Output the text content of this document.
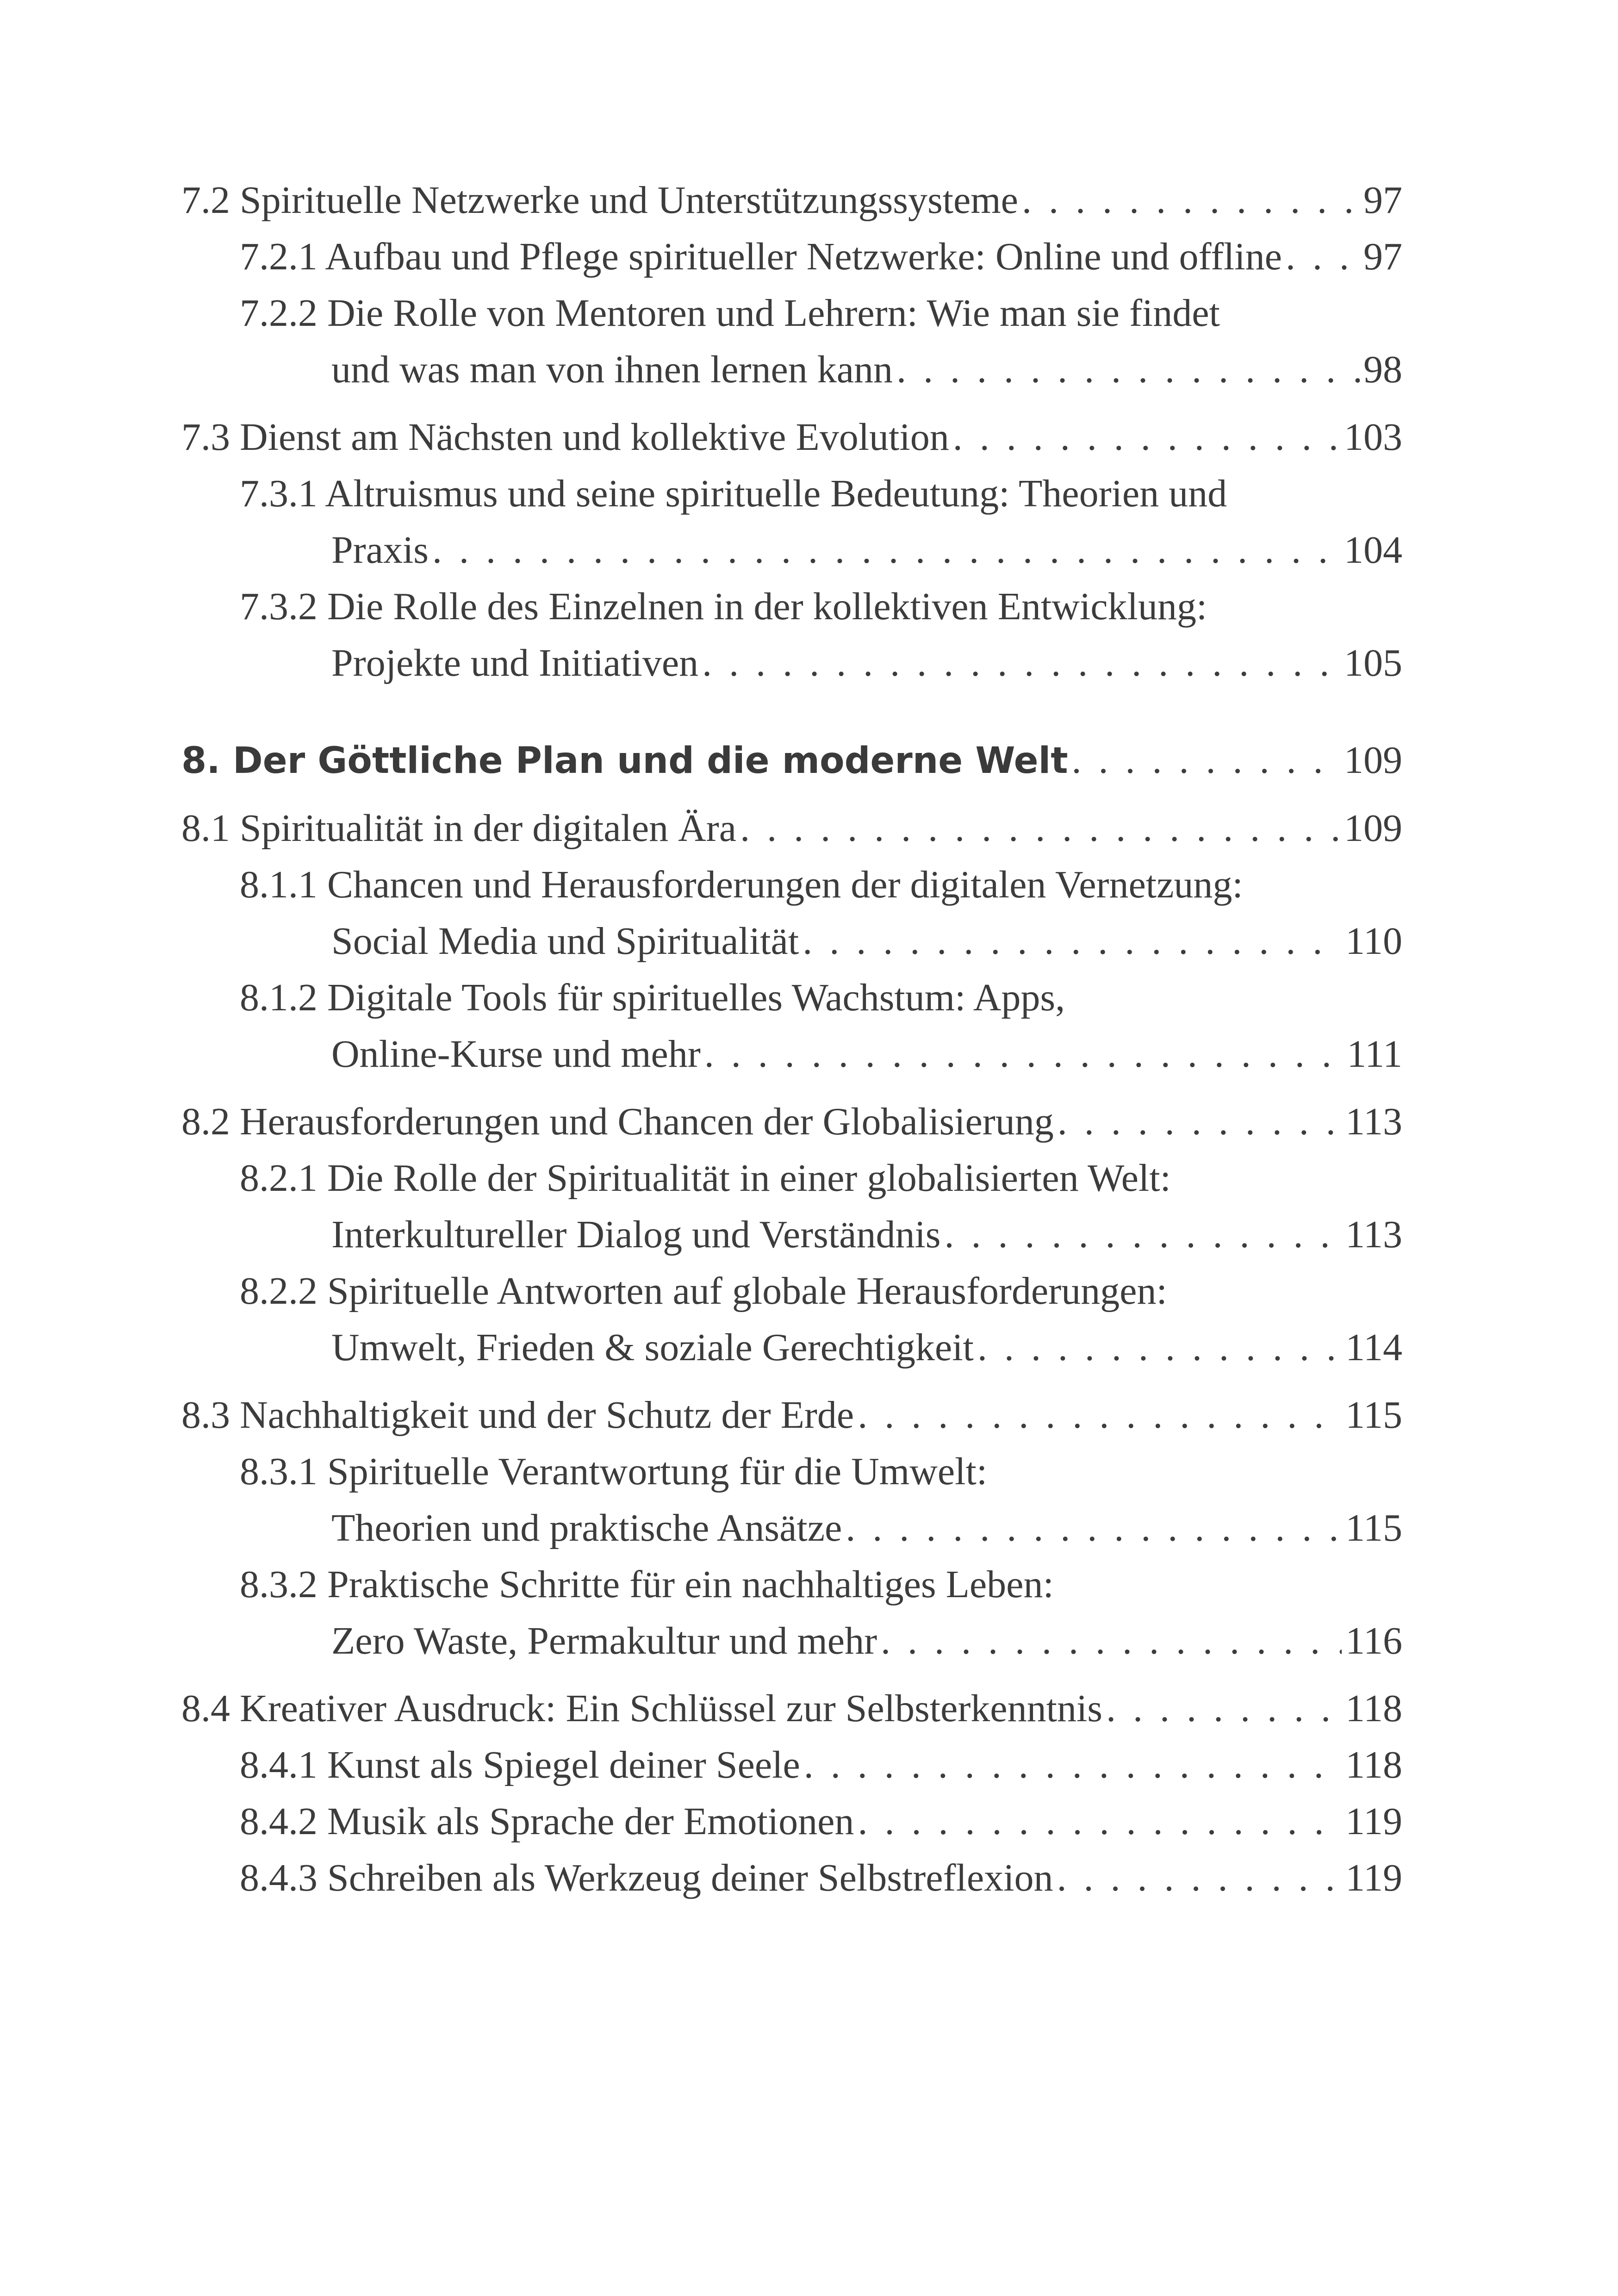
7.2 Spirituelle Netzwerke und Unterstützungssysteme . . .	97
7.2.1 Aufbau und Pflege spiritueller Netzwerke: Online und offline . . . 97
7.2.2 Die Rolle von Mentoren und Lehrern: Wie man sie findet
und was man von ihnen lernen kann . . .	98
7.3 Dienst am Nächsten und kollektive Evolution . . .	103
7.3.1 Altruismus und seine spirituelle Bedeutung: Theorien und
Praxis . . .	104
7.3.2 Die Rolle des Einzelnen in der kollektiven Entwicklung:
Projekte und Initiativen . . .	105
8. Der Göttliche Plan und die moderne Welt . . .	109
8.1 Spiritualität in der digitalen Ära . . .	109
8.1.1 Chancen und Herausforderungen der digitalen Vernetzung:
Social Media und Spiritualität . . .	110
8.1.2 Digitale Tools für spirituelles Wachstum: Apps,
Online-Kurse und mehr . . .	111
8.2 Herausforderungen und Chancen der Globalisierung . . .	113
8.2.1 Die Rolle der Spiritualität in einer globalisierten Welt:
Interkultureller Dialog und Verständnis . . .	113
8.2.2 Spirituelle Antworten auf globale Herausforderungen:
Umwelt, Frieden & soziale Gerechtigkeit . . .	114
8.3 Nachhaltigkeit und der Schutz der Erde . . .	115
8.3.1 Spirituelle Verantwortung für die Umwelt:
Theorien und praktische Ansätze . . .	115
8.3.2 Praktische Schritte für ein nachhaltiges Leben:
Zero Waste, Permakultur und mehr . . .	116
8.4 Kreativer Ausdruck: Ein Schlüssel zur Selbsterkenntnis . . .	118
8.4.1 Kunst als Spiegel deiner Seele . . .	118
8.4.2 Musik als Sprache der Emotionen . . .	119
8.4.3 Schreiben als Werkzeug deiner Selbstreflexion . . .	119
